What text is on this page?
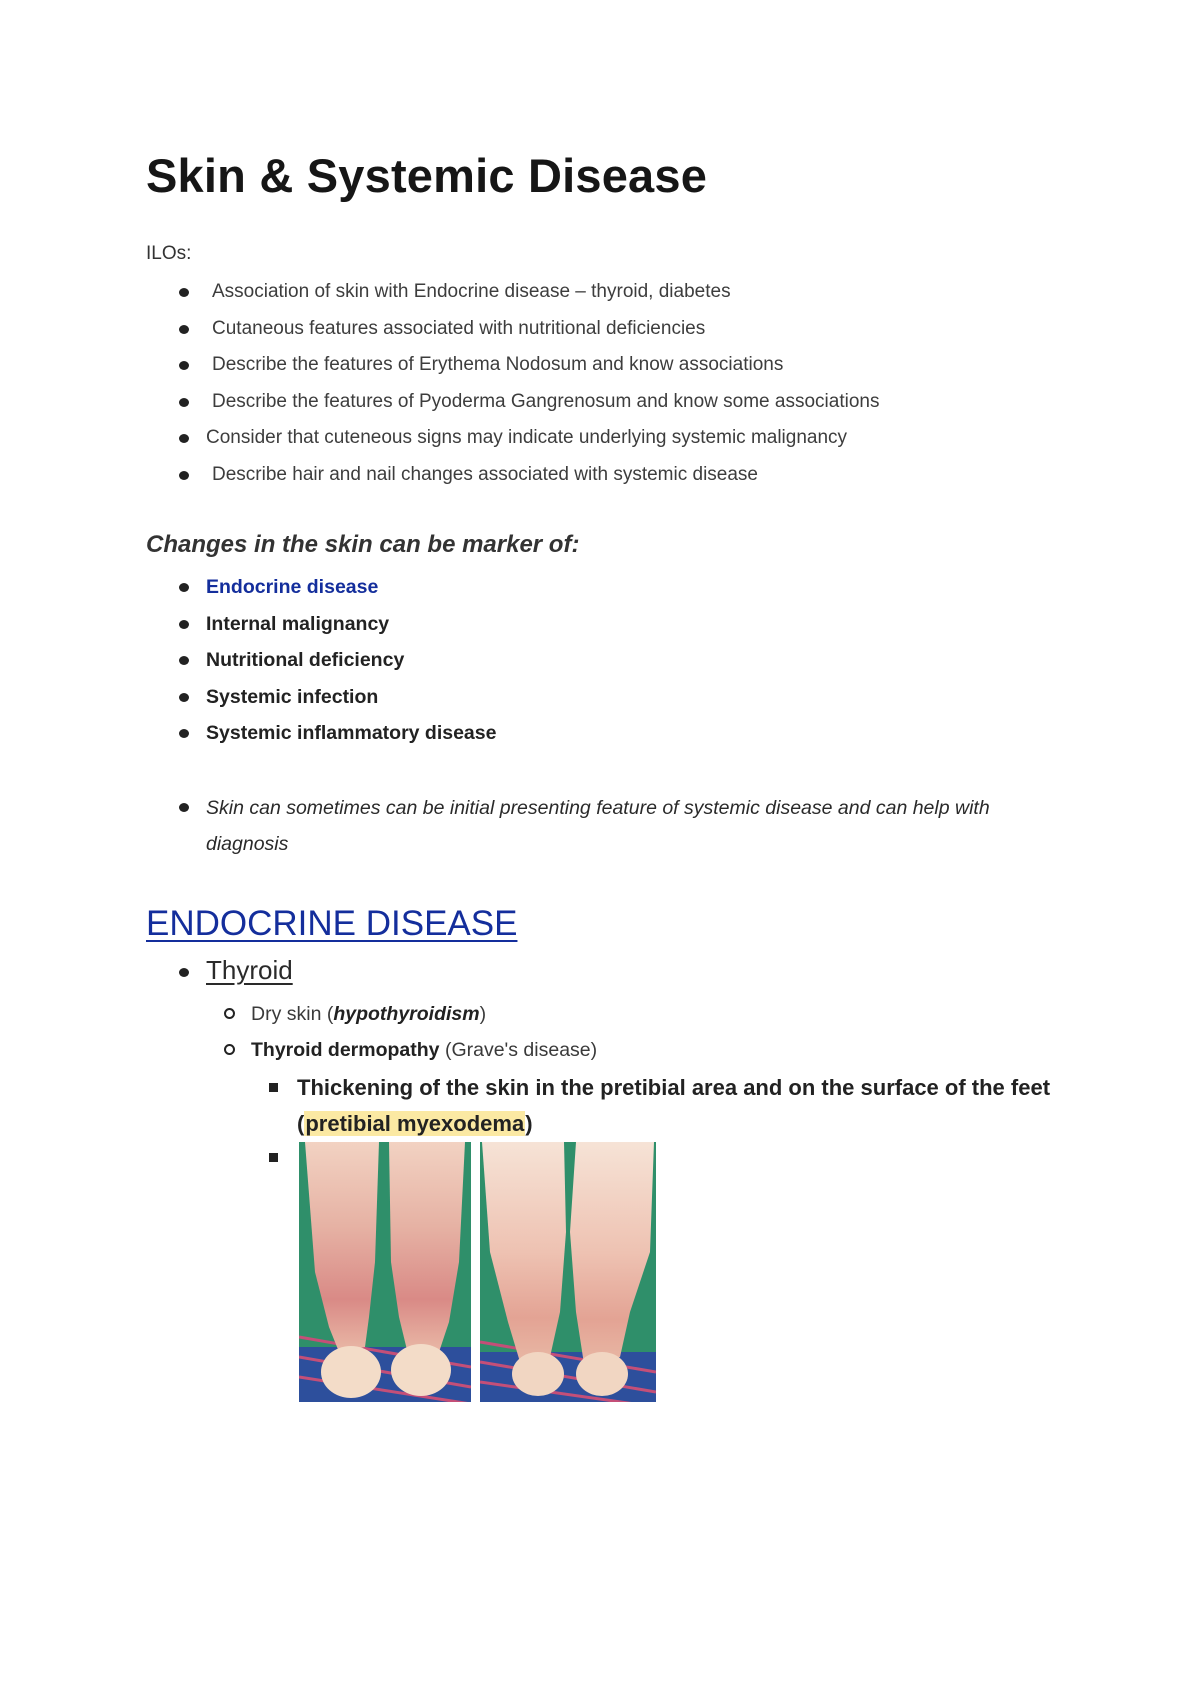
Skin & Systemic Disease
ILOs:
Association of skin with Endocrine disease – thyroid, diabetes
Cutaneous features associated with nutritional deficiencies
Describe the features of Erythema Nodosum and know associations
Describe the features of Pyoderma Gangrenosum and know some associations
Consider that cuteneous signs may indicate underlying systemic malignancy
Describe hair and nail changes associated with systemic disease
Changes in the skin can be marker of:
Endocrine disease
Internal malignancy
Nutritional deficiency
Systemic infection
Systemic inflammatory disease
Skin can sometimes can be initial presenting feature of systemic disease and can help with diagnosis
ENDOCRINE DISEASE
Thyroid
Dry skin (hypothyroidism)
Thyroid dermopathy (Grave's disease)
Thickening of the skin in the pretibial area and on the surface of the feet (pretibial myexodema)
